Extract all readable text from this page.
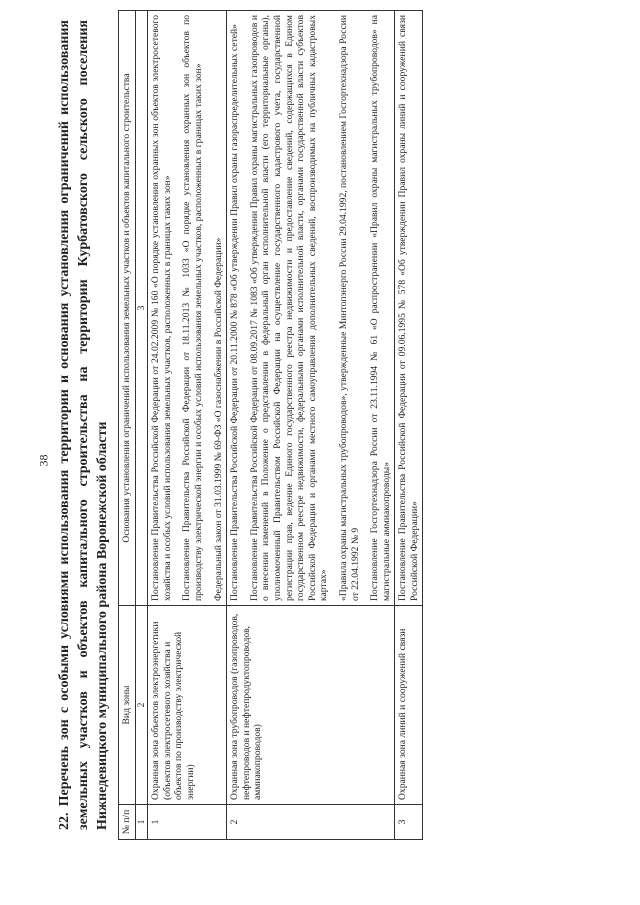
38 22. Перечень зон с особыми условиями использования территории и основания установления ограничений использования земельных участков и объектов капитального строительства на территории Курбатовского сельского поселения Нижнедевицкого муниципального района Воронежской области	№ п/п	Вид зоны	Основания установления ограничений использования земельных участков и объектов капитального строительства
1	2	3
1	Охранная зона объектов электроэнергетики (объектов электросетевого хозяйства и объектов по производству электрической энергии)	Постановление Правительства Российской Федерации от 24.02.2009 № 160 «О порядке установления охранных зон объектов электросетевого хозяйства и особых условий использования земельных участков, расположенных в границах таких зон» Постановление Правительства Российской Федерации от 18.11.2013 № 1033 «О порядке установления охранных зон объектов по производству электрической энергии и особых условий использования земельных участков, расположенных в границах таких зон» Федеральный закон от 31.03.1999 № 69-ФЗ «О газоснабжении в Российской Федерации»

2	Охранная зона трубопроводов (газопроводов, нефтепроводов и нефтепродуктопроводов, аммиакопроводов)	Постановление Правительства Российской Федерации от 20.11.2000 № 878 «Об утверждении Правил охраны газораспределительных сетей» Постановление Правительства Российской Федерации от 08.09.2017 № 1083 «Об утверждении Правил охраны магистральных газопроводов и о внесении изменений в Положение о представлении в федеральный орган исполнительной власти (его территориальные органы), уполномоченный Правительством Российской Федерации на осуществление государственного кадастрового учета, государственной регистрации прав, ведение Единого государственного реестра недвижимости и предоставление сведений, содержащихся в Едином государственном реестре недвижимости, федеральными органами исполнительной власти, органами государственной власти субъектов Российской Федерации и органами местного самоуправления дополнительных сведений, воспроизводимых на публичных кадастровых картах» «Правила охраны магистральных трубопроводов», утвержденные Минтопэнерго России 29.04.1992, постановлением Госгортехнадзора России от 22.04.1992 № 9 Постановление Госгортехнадзора России от 23.11.1994 № 61 «О распространении «Правил охраны магистральных трубопроводов» на магистральные аммиакопроводы»

3	Охранная зона линий и сооружений связи	Постановление Правительства Российской Федерации от 09.06.1995 № 578 «Об утверждении Правил охраны линий и сооружений связи Российской Федерации»
